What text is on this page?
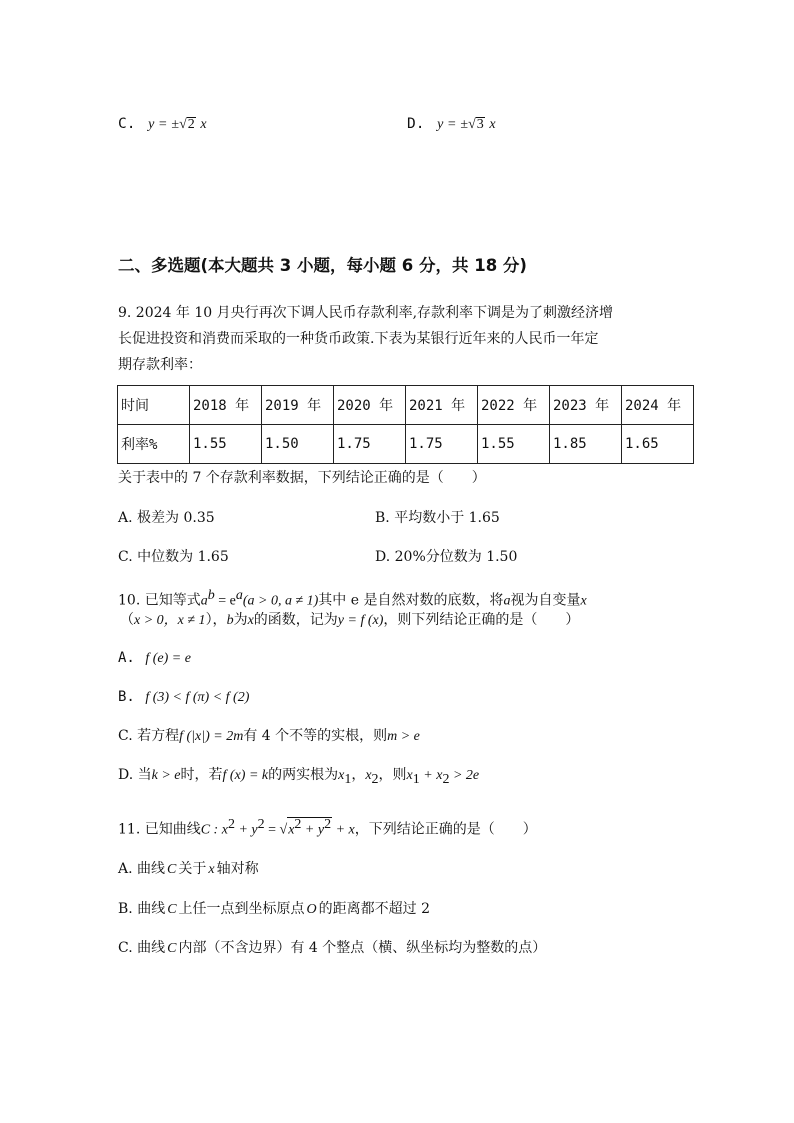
C. y = ±√2 x	D. y = ±√3 x
二、多选题(本大题共 3 小题，每小题 6 分，共 18 分)
9. 2024 年 10 月央行再次下调人民币存款利率,存款利率下调是为了刺激经济增
长促进投资和消费而采取的一种货币政策.下表为某银行近年来的人民币一年定
期存款利率：
时间	2018 年	2019 年	2020 年	2021 年	2022 年	2023 年	2024 年
利率%	1.55	1.50	1.75	1.75	1.55	1.85	1.65
关于表中的 7 个存款利率数据，下列结论正确的是（　　）
A. 极差为 0.35	B. 平均数小于 1.65
C. 中位数为 1.65	D. 20%分位数为 1.50
10. 已知等式$a^b = e^a(a > 0$, a ≠ 1)其中 e 是自然对数的底数，将a视为自变量x
（x > 0，x ≠ 1），b为x的函数，记为y = f (x)，则下列结论正确的是（　　）
A. f (e) = e
B. f (3) < f (π) < f (2)
C. 若方程f (|x|) = 2m有 4 个不等的实根，则m > e
D. 当k > e时，若f (x) = k的两实根为$x_1$，$x_2$，则$x_1 + x_2 > 2e$
11. 已知曲线C : $x^2 + y^2 = √x^2 + y^2 + x$，下列结论正确的是（　　）
A. 曲线 C 关于 x 轴对称
B. 曲线 C 上任一点到坐标原点 O 的距离都不超过 2
C. 曲线 C 内部（不含边界）有 4 个整点（横、纵坐标均为整数的点）
